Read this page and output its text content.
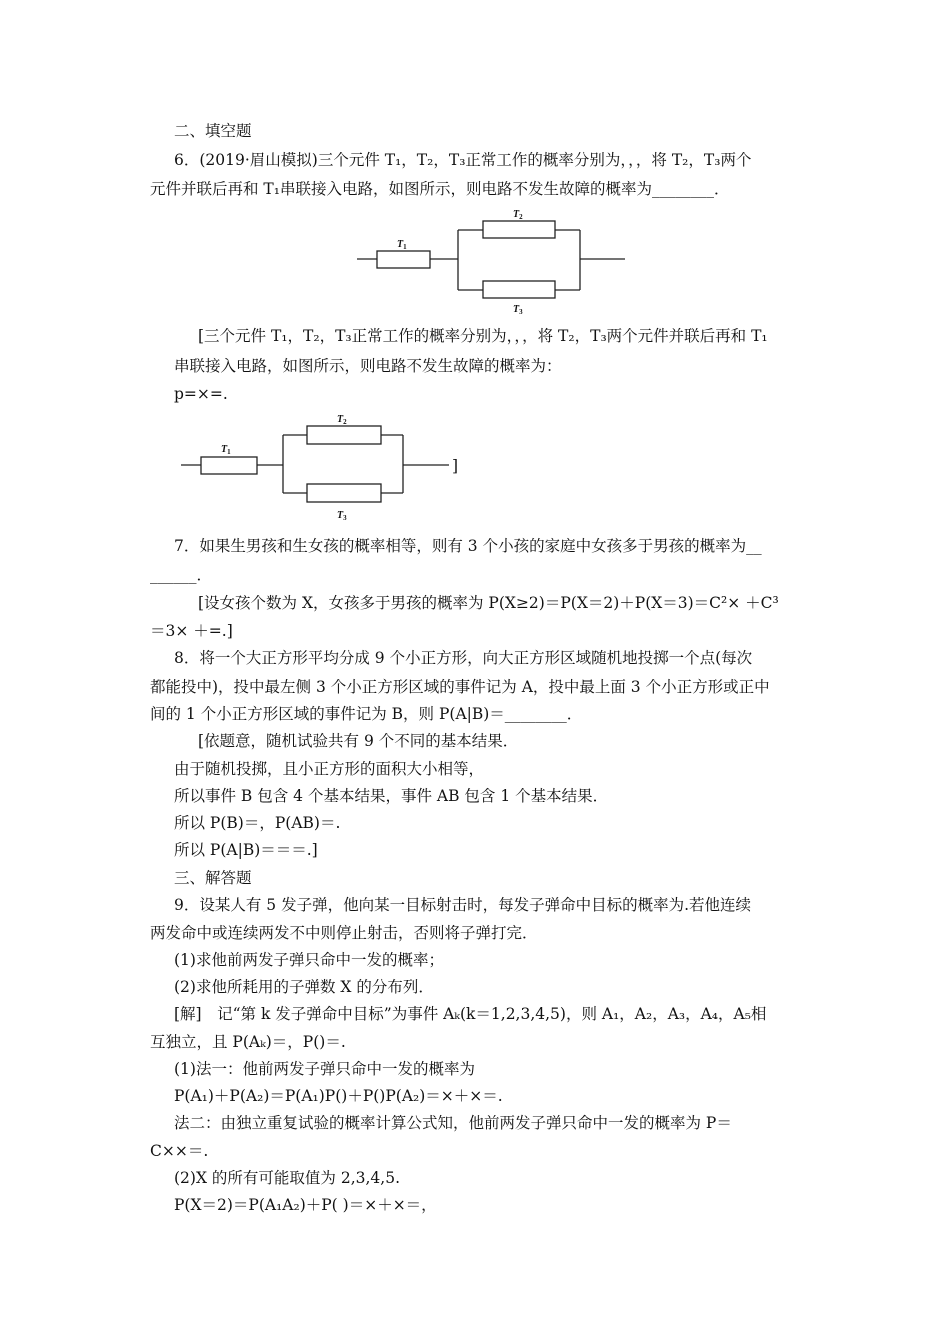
二、填空题
6．(2019·眉山模拟)三个元件 T₁，T₂，T₃正常工作的概率分别为，，，将 T₂，T₃两个
元件并联后再和 T₁串联接入电路，如图所示，则电路不发生故障的概率为________．
$T_1$
$T_2$
$T_3$
[三个元件 T₁，T₂，T₃正常工作的概率分别为，，，将 T₂，T₃两个元件并联后再和 T₁
串联接入电路，如图所示，则电路不发生故障的概率为：
p=×=.
$T_1$
$T_2$
$T_3$
]
7．如果生男孩和生女孩的概率相等，则有 3 个小孩的家庭中女孩多于男孩的概率为__
______．
[设女孩个数为 X，女孩多于男孩的概率为 P(X≥2)＝P(X＝2)＋P(X＝3)＝C²× ＋C³
＝3× ＋=.]
8．将一个大正方形平均分成 9 个小正方形，向大正方形区域随机地投掷一个点(每次
都能投中)，投中最左侧 3 个小正方形区域的事件记为 A，投中最上面 3 个小正方形或正中
间的 1 个小正方形区域的事件记为 B，则 P(A|B)＝________．
[依题意，随机试验共有 9 个不同的基本结果．
由于随机投掷，且小正方形的面积大小相等，
所以事件 B 包含 4 个基本结果，事件 AB 包含 1 个基本结果．
所以 P(B)＝，P(AB)＝.
所以 P(A|B)＝＝＝.]
三、解答题
9．设某人有 5 发子弹，他向某一目标射击时，每发子弹命中目标的概率为.若他连续
两发命中或连续两发不中则停止射击，否则将子弹打完．
(1)求他前两发子弹只命中一发的概率；
(2)求他所耗用的子弹数 X 的分布列．
[解]　记“第 k 发子弹命中目标”为事件 Aₖ(k＝1,2,3,4,5)，则 A₁，A₂，A₃，A₄，A₅相
互独立，且 P(Aₖ)＝，P()＝.
(1)法一：他前两发子弹只命中一发的概率为
P(A₁)＋P(A₂)＝P(A₁)P()＋P()P(A₂)＝×＋×＝.
法二：由独立重复试验的概率计算公式知，他前两发子弹只命中一发的概率为 P＝
C××＝.
(2)X 的所有可能取值为 2,3,4,5.
P(X＝2)＝P(A₁A₂)＋P( )＝×＋×＝，
